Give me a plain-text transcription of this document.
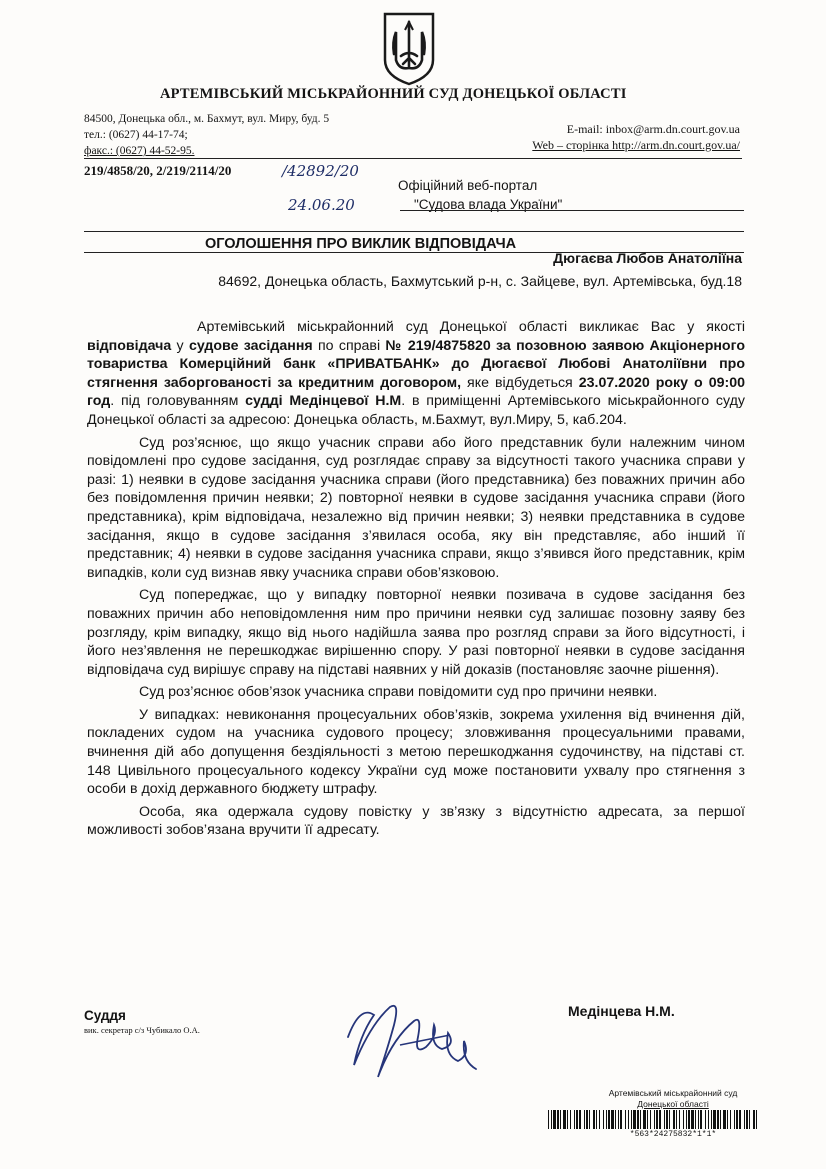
АРТЕМІВСЬКИЙ МІСЬКРАЙОННИЙ СУД ДОНЕЦЬКОЇ ОБЛАСТІ
84500, Донецька обл., м. Бахмут, вул. Миру, буд. 5
тел.: (0627) 44-17-74;
факс.: (0627) 44-52-95.
E-mail: inbox@arm.dn.court.gov.ua
Web – сторінка http://arm.dn.court.gov.ua/
219/4858/20, 2/219/2114/20	/42892/20
24.06.20
Офіційний веб-портал
"Судова влада України"
ОГОЛОШЕННЯ ПРО ВИКЛИК ВІДПОВІДАЧА
Дюгаєва Любов Анатоліїна
84692, Донецька область, Бахмутський р-н, с. Зайцеве, вул. Артемівська, буд.18

Артемівський міськрайонний суд Донецької області викликає Вас у якості відповідача у судове засідання по справі № 219/4875820 за позовною заявою Акціонерного товариства Комерційний банк «ПРИВАТБАНК» до Дюгаєвої Любові Анатоліївни про стягнення заборгованості за кредитним договором, яке відбудеться 23.07.2020 року о 09:00 год. під головуванням судді Медінцевої Н.М. в приміщенні Артемівського міськрайонного суду Донецької області за адресою: Донецька область, м.Бахмут, вул.Миру, 5, каб.204.

Суд роз’яснює, що якщо учасник справи або його представник були належним чином повідомлені про судове засідання, суд розглядає справу за відсутності такого учасника справи у разі: 1) неявки в судове засідання учасника справи (його представника) без поважних причин або без повідомлення причин неявки; 2) повторної неявки в судове засідання учасника справи (його представника), крім відповідача, незалежно від причин неявки; 3) неявки представника в судове засідання, якщо в судове засідання з’явилася особа, яку він представляє, або інший її представник; 4) неявки в судове засідання учасника справи, якщо з’явився його представник, крім випадків, коли суд визнав явку учасника справи обов’язковою.

Суд попереджає, що у випадку повторної неявки позивача в судове засідання без поважних причин або неповідомлення ним про причини неявки суд залишає позовну заяву без розгляду, крім випадку, якщо від нього надійшла заява про розгляд справи за його відсутності, і його нез’явлення не перешкоджає вирішенню спору. У разі повторної неявки в судове засідання відповідача суд вирішує справу на підставі наявних у ній доказів (постановляє заочне рішення).

Суд роз’яснює обов’язок учасника справи повідомити суд про причини неявки.

У випадках: невиконання процесуальних обов’язків, зокрема ухилення від вчинення дій, покладених судом на учасника судового процесу; зловживання процесуальними правами, вчинення дій або допущення бездіяльності з метою перешкоджання судочинству, на підставі ст. 148 Цивільного процесуального кодексу України суд може постановити ухвалу про стягнення з особи в дохід державного бюджету штрафу.

Особа, яка одержала судову повістку у зв’язку з відсутністю адресата, за першої можливості зобов’язана вручити її адресату.

Суддя
вик. секретар с/з Чубикало О.А.
Медінцева Н.М.
Артемівський міськрайонний суд
Донецької області
*563*24275832*1*1*
